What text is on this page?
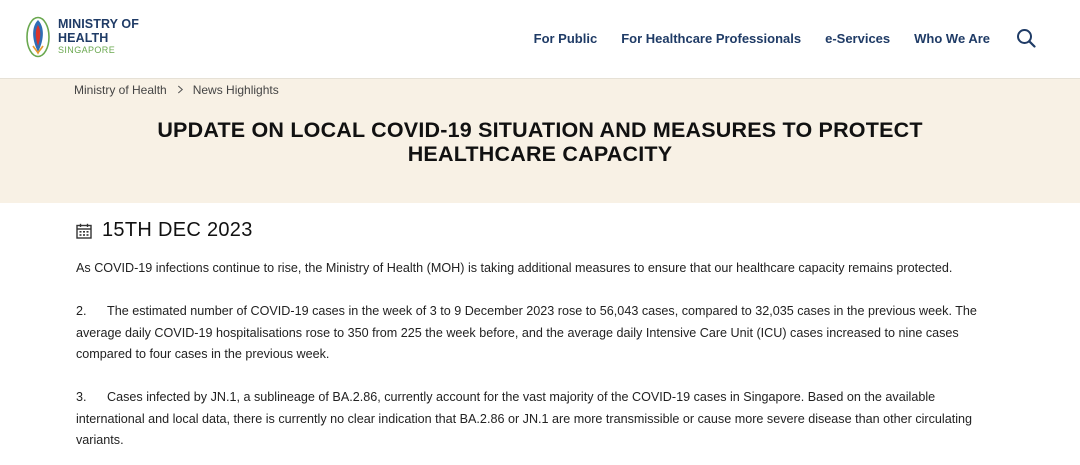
MINISTRY OF HEALTH
SINGAPORE
For Public For Healthcare Professionals e-Services Who We Are
Ministry of Health News Highlights
UPDATE ON LOCAL COVID-19 SITUATION AND MEASURES TO PROTECT
HEALTHCARE CAPACITY
15TH DEC 2023

As COVID-19 infections continue to rise, the Ministry of Health (MOH) is taking additional measures to ensure that our healthcare capacity remains protected.

2. The estimated number of COVID-19 cases in the week of 3 to 9 December 2023 rose to 56,043 cases, compared to 32,035 cases in the previous week. The average daily COVID-19 hospitalisations rose to 350 from 225 the week before, and the average daily Intensive Care Unit (ICU) cases increased to nine cases compared to four cases in the previous week.

3. Cases infected by JN.1, a sublineage of BA.2.86, currently account for the vast majority of the COVID-19 cases in Singapore. Based on the available international and local data, there is currently no clear indication that BA.2.86 or JN.1 are more transmissible or cause more severe disease than other circulating variants.
